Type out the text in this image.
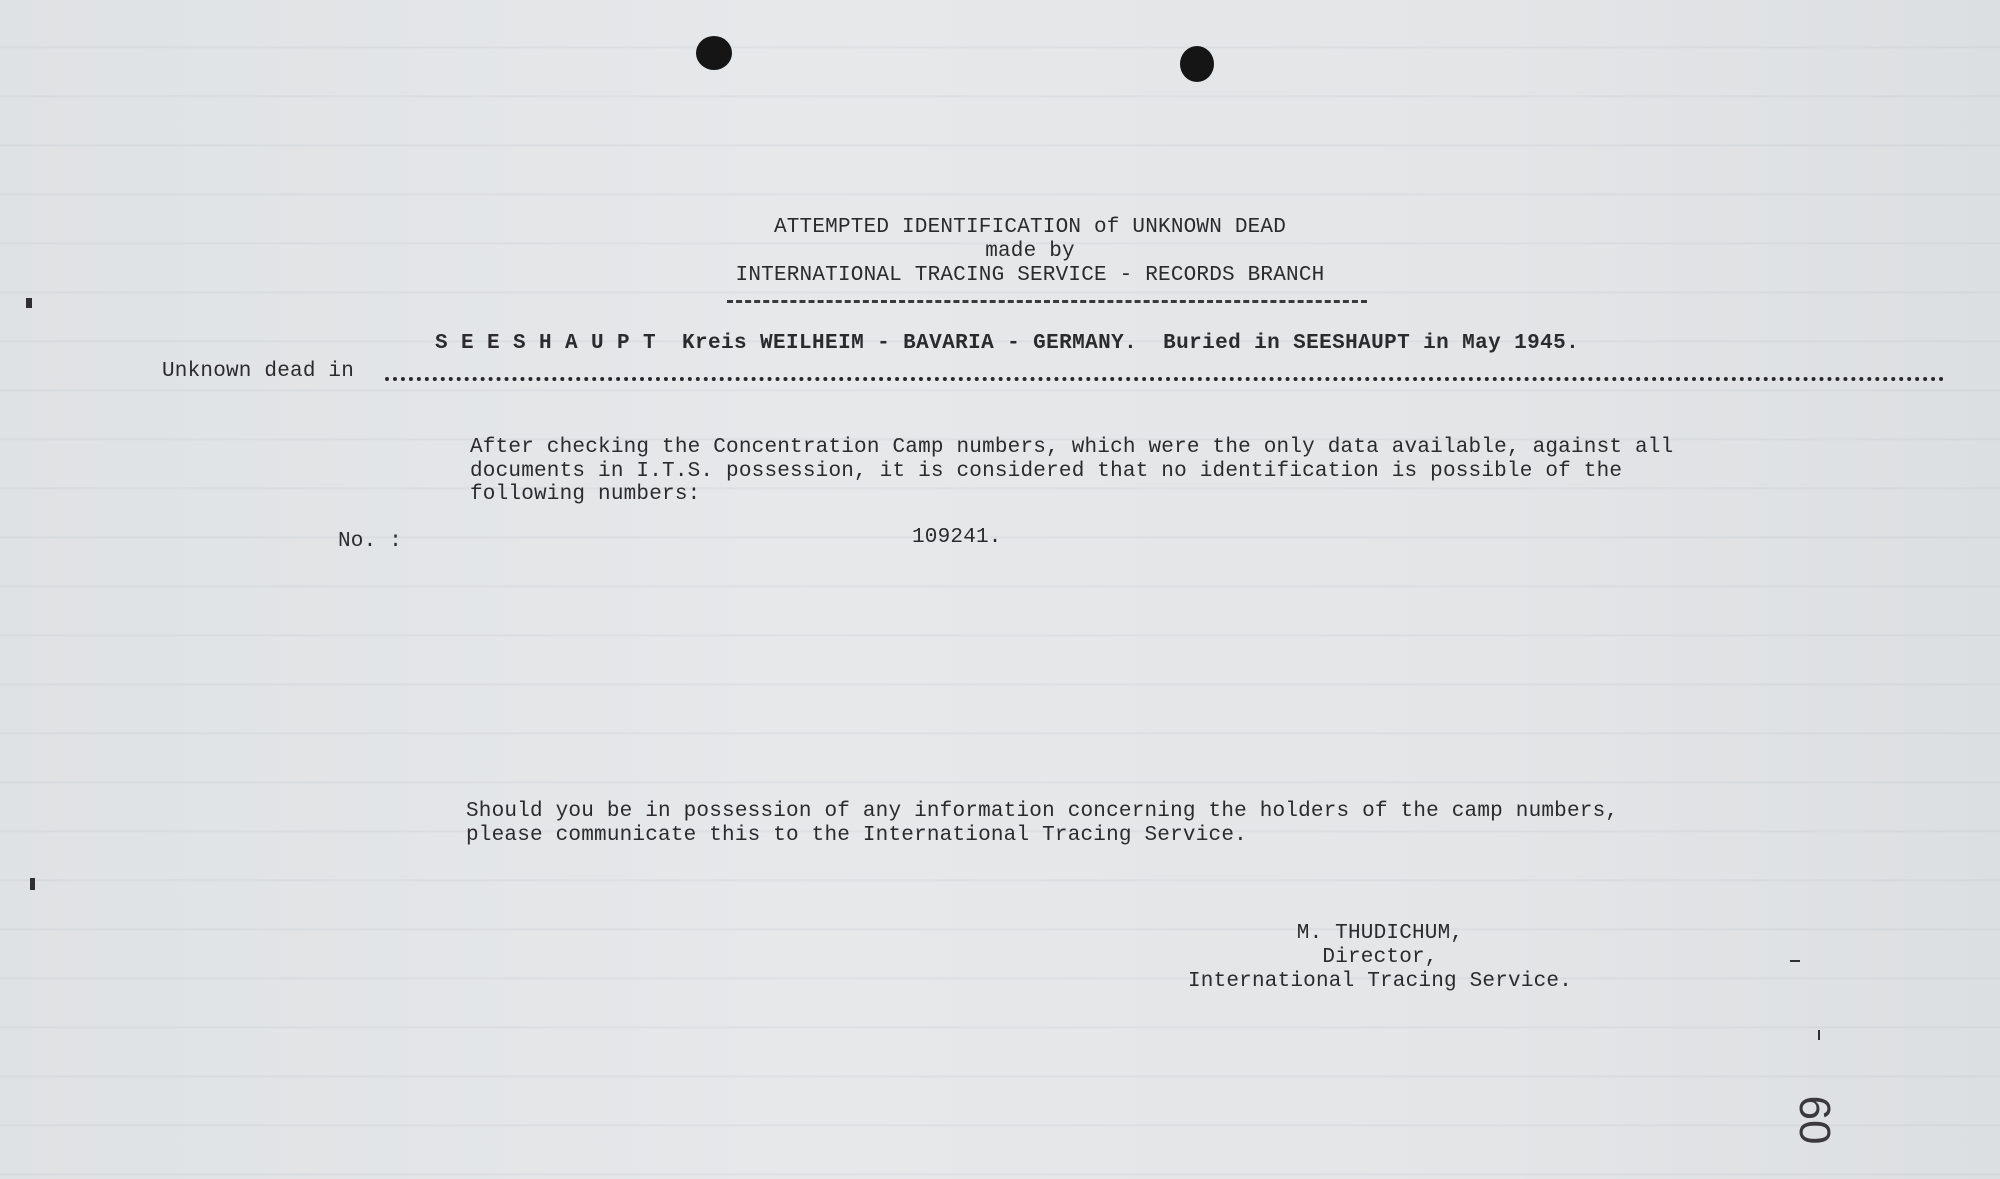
ATTEMPTED IDENTIFICATION of UNKNOWN DEAD
made by
INTERNATIONAL TRACING SERVICE - RECORDS BRANCH
S E E S H A U P T  Kreis WEILHEIM - BAVARIA - GERMANY.  Buried in SEESHAUPT in May 1945.
Unknown dead in
After checking the Concentration Camp numbers, which were the only data available, against all
documents in I.T.S. possession, it is considered that no identification is possible of the
following numbers:
No. :	109241.
Should you be in possession of any information concerning the holders of the camp numbers,
please communicate this to the International Tracing Service.
M. THUDICHUM,
Director,
International Tracing Service.
60
